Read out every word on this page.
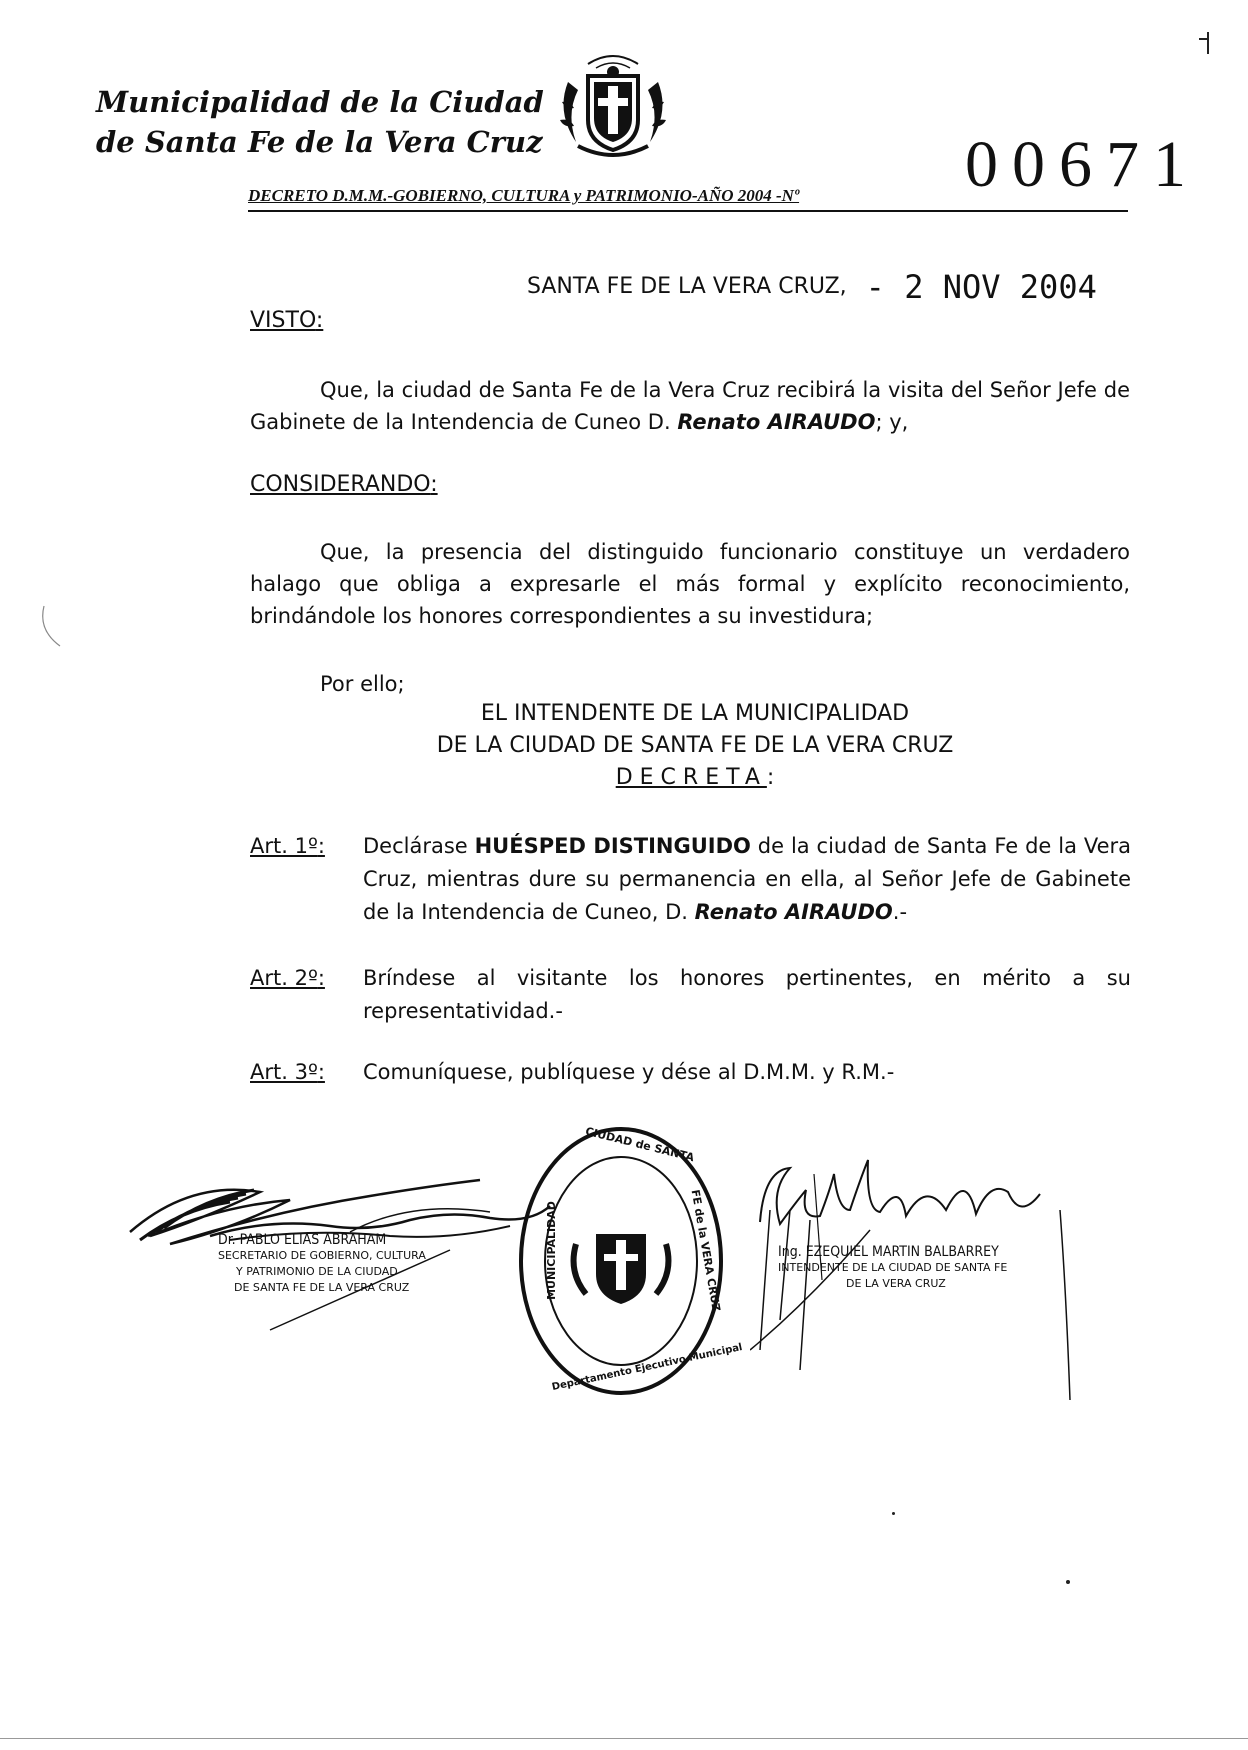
Municipalidad de la Ciudad
de Santa Fe de la Vera Cruz
DECRETO D.M.M.-GOBIERNO, CULTURA y PATRIMONIO-AÑO 2004 -Nº	00671
SANTA FE DE LA VERA CRUZ, - 2 NOV 2004
VISTO:
Que, la ciudad de Santa Fe de la Vera Cruz recibirá la visita del Señor Jefe de Gabinete de la Intendencia de Cuneo D. Renato AIRAUDO; y,
CONSIDERANDO:
Que, la presencia del distinguido funcionario constituye un verdadero halago que obliga a expresarle el más formal y explícito reconocimiento, brindándole los honores correspondientes a su investidura;
Por ello;
EL INTENDENTE DE LA MUNICIPALIDAD
DE LA CIUDAD DE SANTA FE DE LA VERA CRUZ
DECRETA:
Art. 1º: Declárase HUÉSPED DISTINGUIDO de la ciudad de Santa Fe de la Vera Cruz, mientras dure su permanencia en ella, al Señor Jefe de Gabinete de la Intendencia de Cuneo, D. Renato AIRAUDO.-
Art. 2º: Bríndese al visitante los honores pertinentes, en mérito a su representatividad.-
Art. 3º: Comuníquese, publíquese y dése al D.M.M. y R.M.-
Dr. PABLO ELIAS ABRAHAM
SECRETARIO DE GOBIERNO, CULTURA
Y PATRIMONIO DE LA CIUDAD
DE SANTA FE DE LA VERA CRUZ
CIUDAD de SANTA
MUNICIPALIDAD	FE de la VERA CRUZ
Departamento Ejecutivo Municipal
Ing. EZEQUIEL MARTIN BALBARREY
INTENDENTE DE LA CIUDAD DE SANTA FE
DE LA VERA CRUZ
